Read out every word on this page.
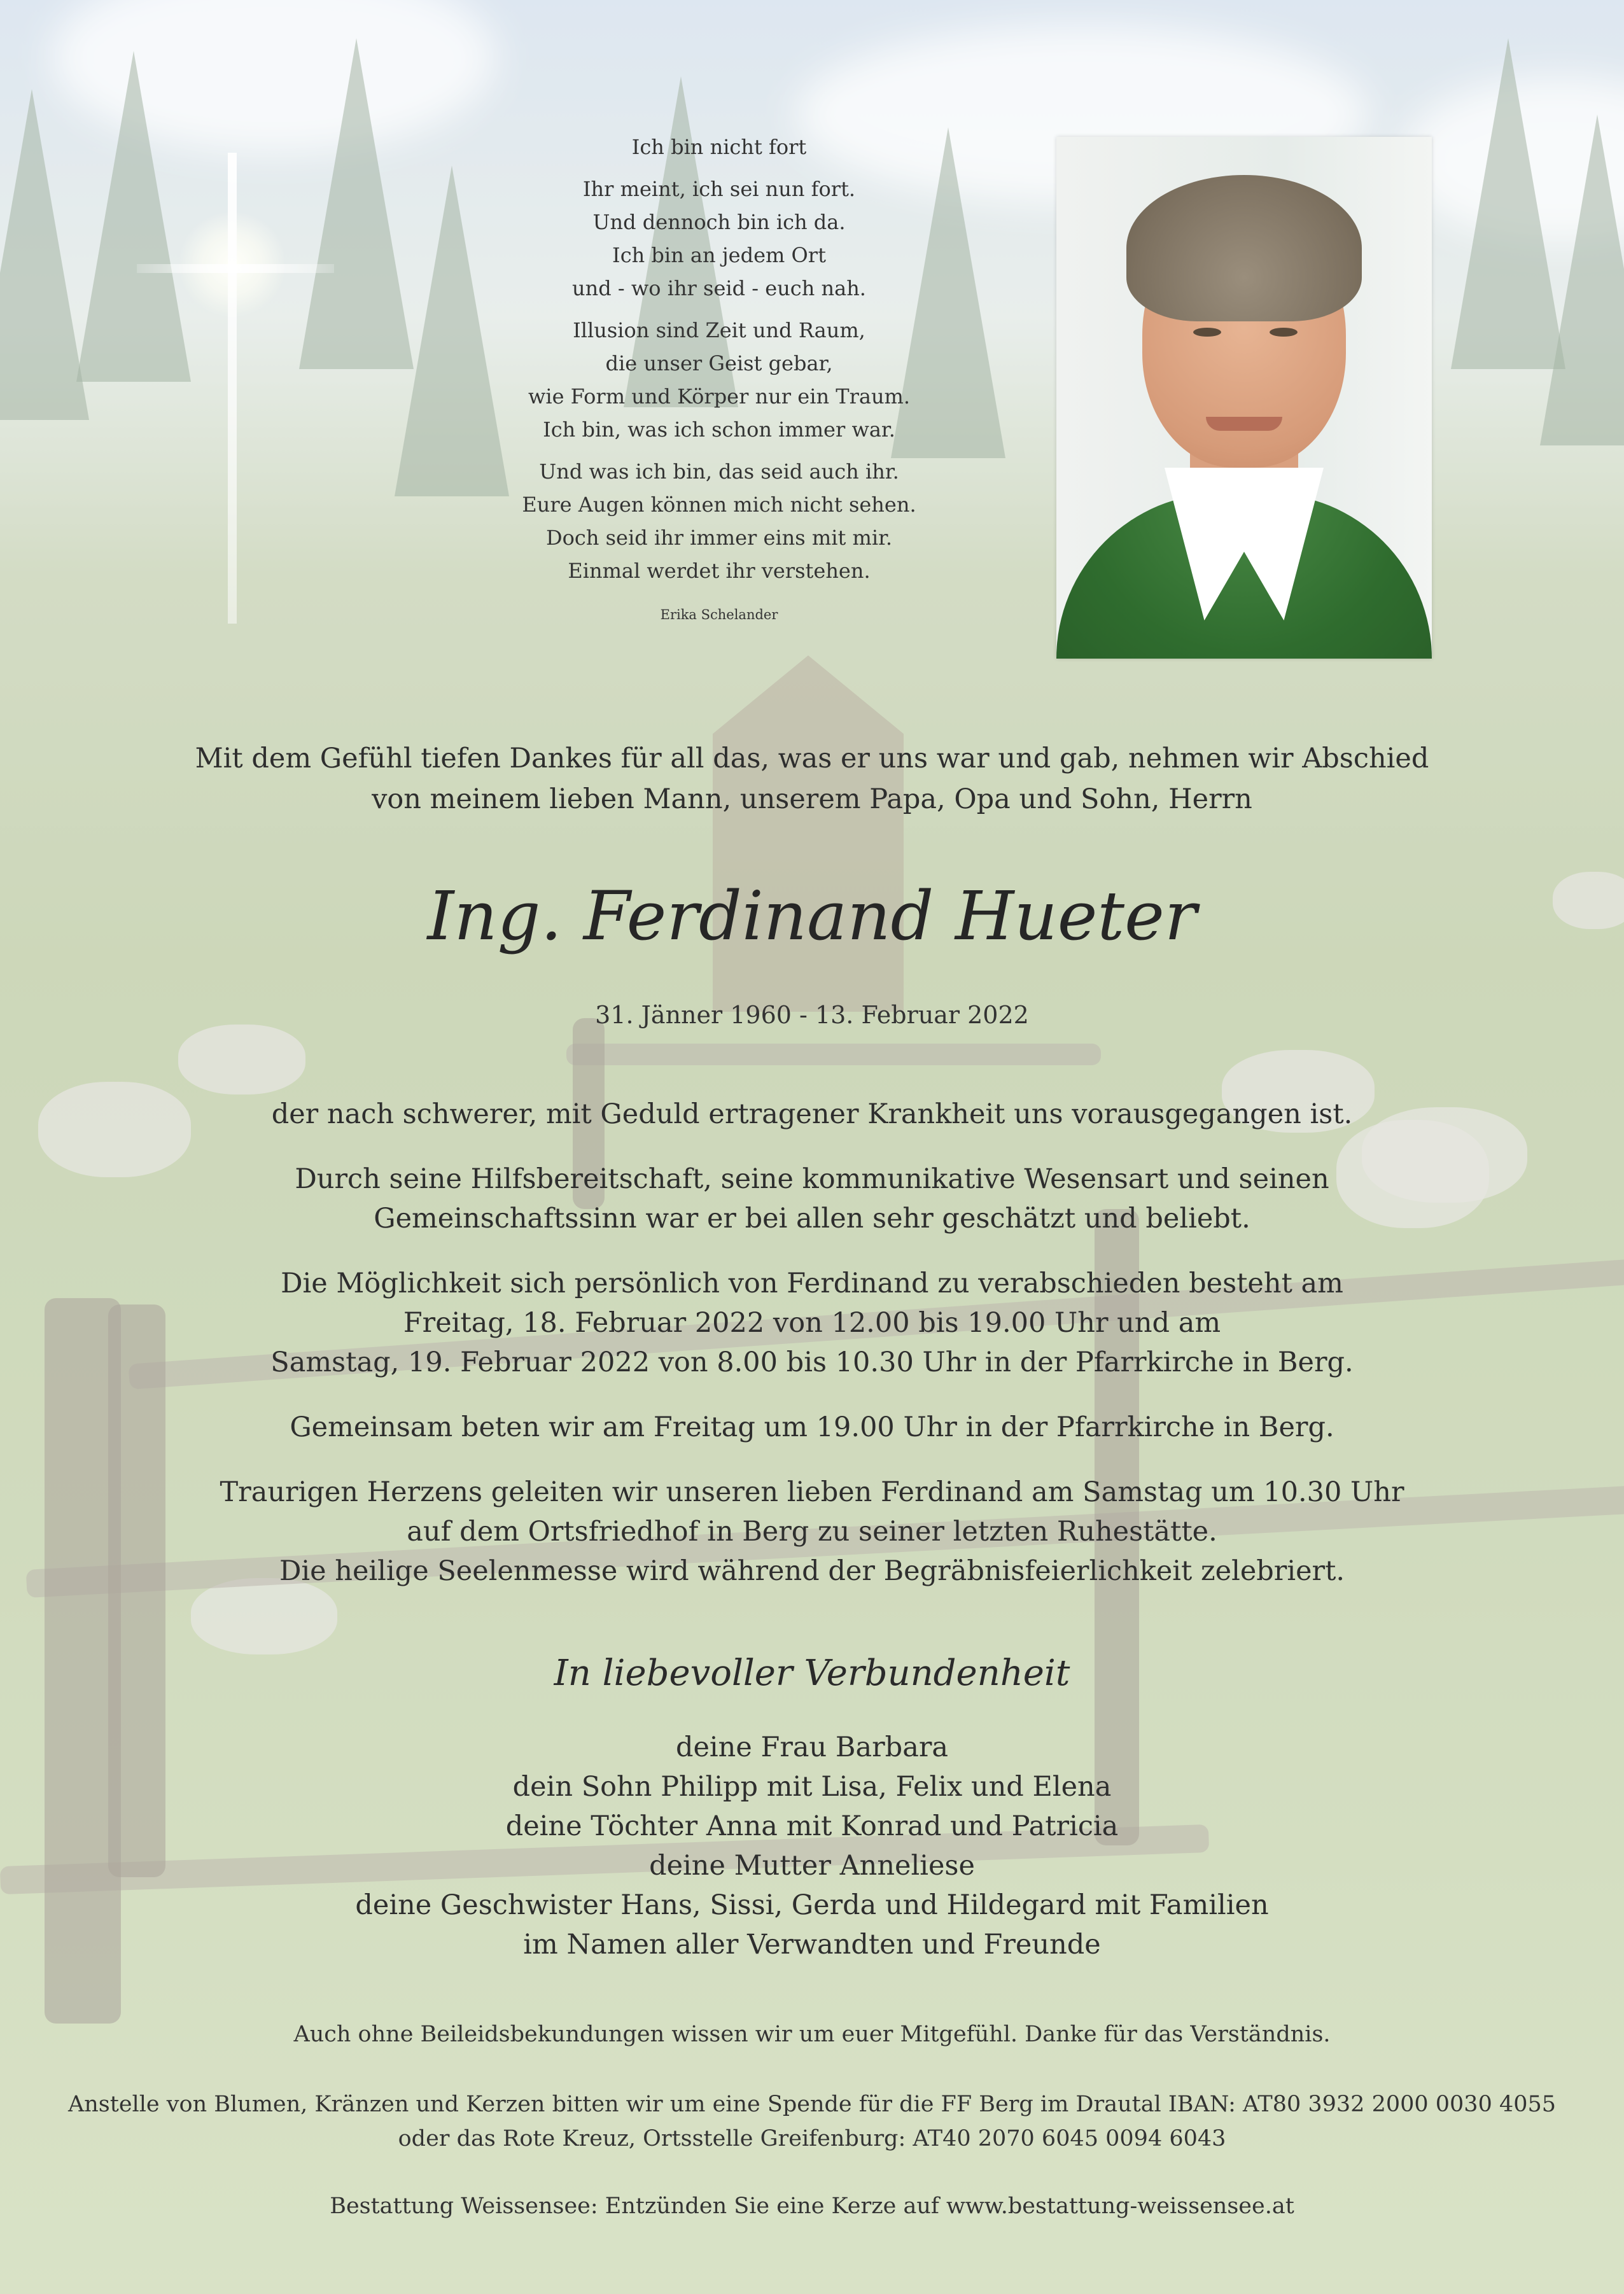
Ich bin nicht fort
Ihr meint, ich sei nun fort.
Und dennoch bin ich da.
Ich bin an jedem Ort
und - wo ihr seid - euch nah.
Illusion sind Zeit und Raum,
die unser Geist gebar,
wie Form und Körper nur ein Traum.
Ich bin, was ich schon immer war.
Und was ich bin, das seid auch ihr.
Eure Augen können mich nicht sehen.
Doch seid ihr immer eins mit mir.
Einmal werdet ihr verstehen.
Erika Schelander
Mit dem Gefühl tiefen Dankes für all das, was er uns war und gab, nehmen wir Abschied
von meinem lieben Mann, unserem Papa, Opa und Sohn, Herrn
Ing. Ferdinand Hueter
31. Jänner 1960 - 13. Februar 2022
der nach schwerer, mit Geduld ertragener Krankheit uns vorausgegangen ist.
Durch seine Hilfsbereitschaft, seine kommunikative Wesensart und seinen
Gemeinschaftssinn war er bei allen sehr geschätzt und beliebt.
Die Möglichkeit sich persönlich von Ferdinand zu verabschieden besteht am
Freitag, 18. Februar 2022 von 12.00 bis 19.00 Uhr und am
Samstag, 19. Februar 2022 von 8.00 bis 10.30 Uhr in der Pfarrkirche in Berg.
Gemeinsam beten wir am Freitag um 19.00 Uhr in der Pfarrkirche in Berg.
Traurigen Herzens geleiten wir unseren lieben Ferdinand am Samstag um 10.30 Uhr
auf dem Ortsfriedhof in Berg zu seiner letzten Ruhestätte.
Die heilige Seelenmesse wird während der Begräbnisfeierlichkeit zelebriert.
In liebevoller Verbundenheit
deine Frau Barbara
dein Sohn Philipp mit Lisa, Felix und Elena
deine Töchter Anna mit Konrad und Patricia
deine Mutter Anneliese
deine Geschwister Hans, Sissi, Gerda und Hildegard mit Familien
im Namen aller Verwandten und Freunde
Auch ohne Beileidsbekundungen wissen wir um euer Mitgefühl. Danke für das Verständnis.
Anstelle von Blumen, Kränzen und Kerzen bitten wir um eine Spende für die FF Berg im Drautal IBAN: AT80 3932 2000 0030 4055
oder das Rote Kreuz, Ortsstelle Greifenburg: AT40 2070 6045 0094 6043
Bestattung Weissensee: Entzünden Sie eine Kerze auf www.bestattung-weissensee.at
